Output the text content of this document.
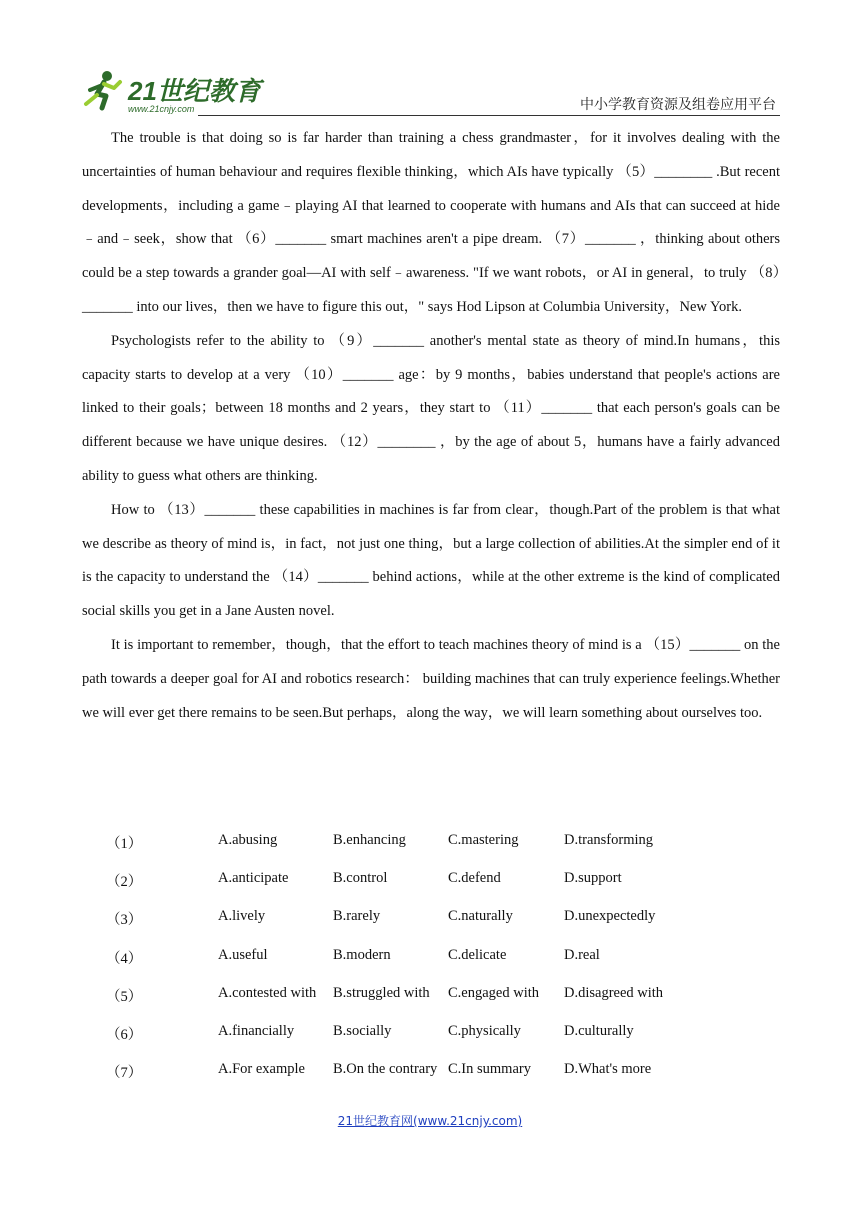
21世纪教育
www.21cnjy.com	中小学教育资源及组卷应用平台

The trouble is that doing so is far harder than training a chess grandmaster，for it involves dealing with the uncertainties of human behaviour and requires flexible thinking，which AIs have typically （5）________ .But recent developments，including a game﹣playing AI that learned to cooperate with humans and AIs that can succeed at hide﹣and﹣seek，show that （6）_______ smart machines aren't a pipe dream. （7）_______ ，thinking about others could be a step towards a grander goal—AI with self﹣awareness. "If we want robots，or AI in general，to truly （8）_______ into our lives，then we have to figure this out，" says Hod Lipson at Columbia University，New York.

Psychologists refer to the ability to （9）_______ another's mental state as theory of mind.In humans，this capacity starts to develop at a very （10）_______ age：by 9 months，babies understand that people's actions are linked to their goals；between 18 months and 2 years，they start to （11）_______ that each person's goals can be different because we have unique desires. （12）________ ，by the age of about 5，humans have a fairly advanced ability to guess what others are thinking.

How to （13）_______ these capabilities in machines is far from clear，though.Part of the problem is that what we describe as theory of mind is，in fact，not just one thing，but a large collection of abilities.At the simpler end of it is the capacity to understand the （14）_______ behind actions，while at the other extreme is the kind of complicated social skills you get in a Jane Austen novel.

It is important to remember，though，that the effort to teach machines theory of mind is a （15）_______ on the path towards a deeper goal for AI and robotics research： building machines that can truly experience feelings.Whether we will ever get there remains to be seen.But perhaps，along the way，we will learn something about ourselves too.

（1）	A.abusing	B.enhancing	C.mastering	D.transforming
（2）	A.anticipate	B.control	C.defend	D.support
（3）	A.lively	B.rarely	C.naturally	D.unexpectedly
（4）	A.useful	B.modern	C.delicate	D.real
（5）	A.contested with B.struggled with C.engaged with D.disagreed with
（6）	A.financially	B.socially	C.physically	D.culturally
（7）	A.For example B.On the contrary C.In summary D.What's more
21世纪教育网(www.21cnjy.com)
